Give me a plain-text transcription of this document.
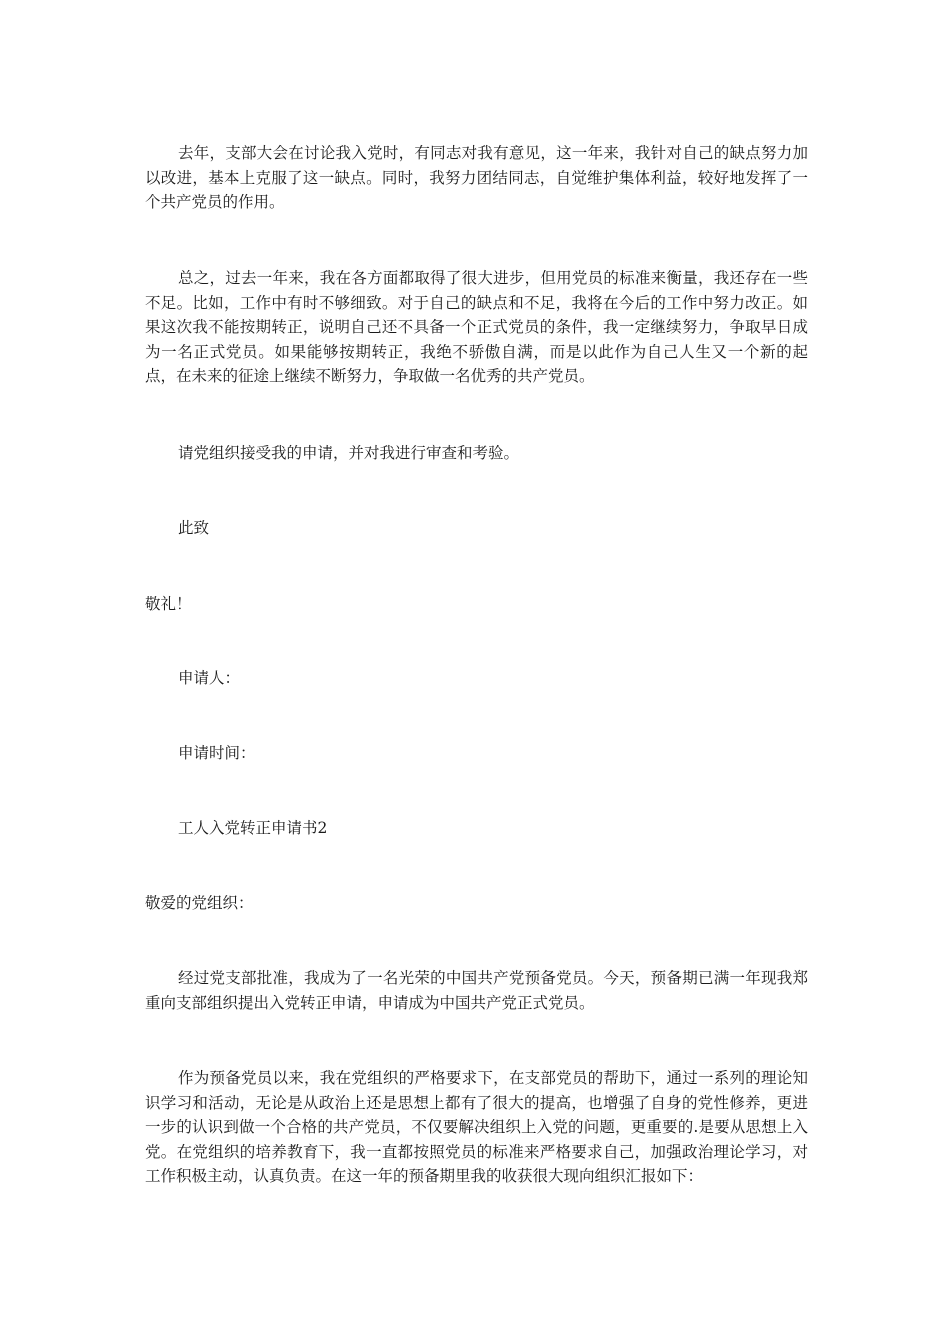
去年，支部大会在讨论我入党时，有同志对我有意见，这一年来，我针对自己的缺点努力加以改进，基本上克服了这一缺点。同时，我努力团结同志，自觉维护集体利益，较好地发挥了一个共产党员的作用。

总之，过去一年来，我在各方面都取得了很大进步，但用党员的标准来衡量，我还存在一些不足。比如，工作中有时不够细致。对于自己的缺点和不足，我将在今后的工作中努力改正。如果这次我不能按期转正，说明自己还不具备一个正式党员的条件，我一定继续努力，争取早日成为一名正式党员。如果能够按期转正，我绝不骄傲自满，而是以此作为自己人生又一个新的起点，在未来的征途上继续不断努力，争取做一名优秀的共产党员。

请党组织接受我的申请，并对我进行审查和考验。

此致

敬礼！

申请人：

申请时间：

工人入党转正申请书2

敬爱的党组织：

经过党支部批准，我成为了一名光荣的中国共产党预备党员。今天，预备期已满一年现我郑重向支部组织提出入党转正申请，申请成为中国共产党正式党员。

作为预备党员以来，我在党组织的严格要求下，在支部党员的帮助下，通过一系列的理论知识学习和活动，无论是从政治上还是思想上都有了很大的提高，也增强了自身的党性修养，更进一步的认识到做一个合格的共产党员，不仅要解决组织上入党的问题，更重要的.是要从思想上入党。在党组织的培养教育下，我一直都按照党员的标准来严格要求自己，加强政治理论学习，对工作积极主动，认真负责。在这一年的预备期里我的收获很大现向组织汇报如下：
